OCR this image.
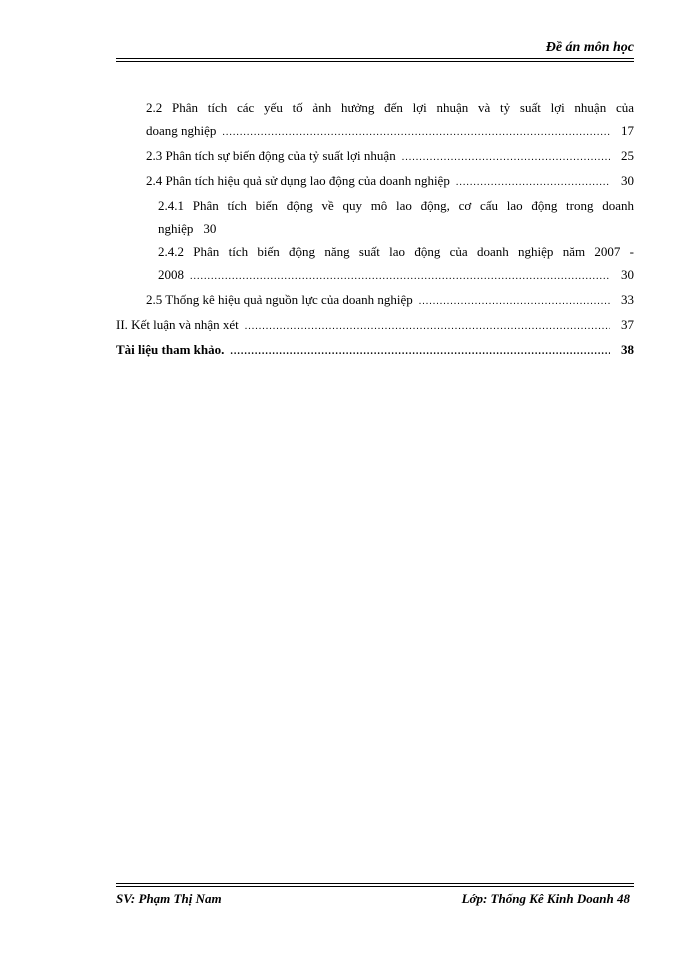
Đề án môn học
2.2 Phân tích các yếu tố ảnh hưởng đến lợi nhuận và tỷ suất lợi nhuận của
doang nghiệp .....	17
2.3 Phân tích sự biến động của tỷ suất lợi nhuận .....	25
2.4 Phân tích hiệu quả sử dụng lao động của doanh nghiệp .....	30
2.4.1 Phân tích biến động về quy mô lao động, cơ cấu lao động trong doanh
nghiệp 30
2.4.2 Phân tích biến động năng suất lao động của doanh nghiệp năm 2007 -
2008 .....	30
2.5 Thống kê hiệu quả nguồn lực của doanh nghiệp .....	33
II. Kết luận và nhận xét .....	37
Tài liệu tham khảo. .....	38
SV: Phạm Thị Nam	Lớp: Thống Kê Kinh Doanh 48
